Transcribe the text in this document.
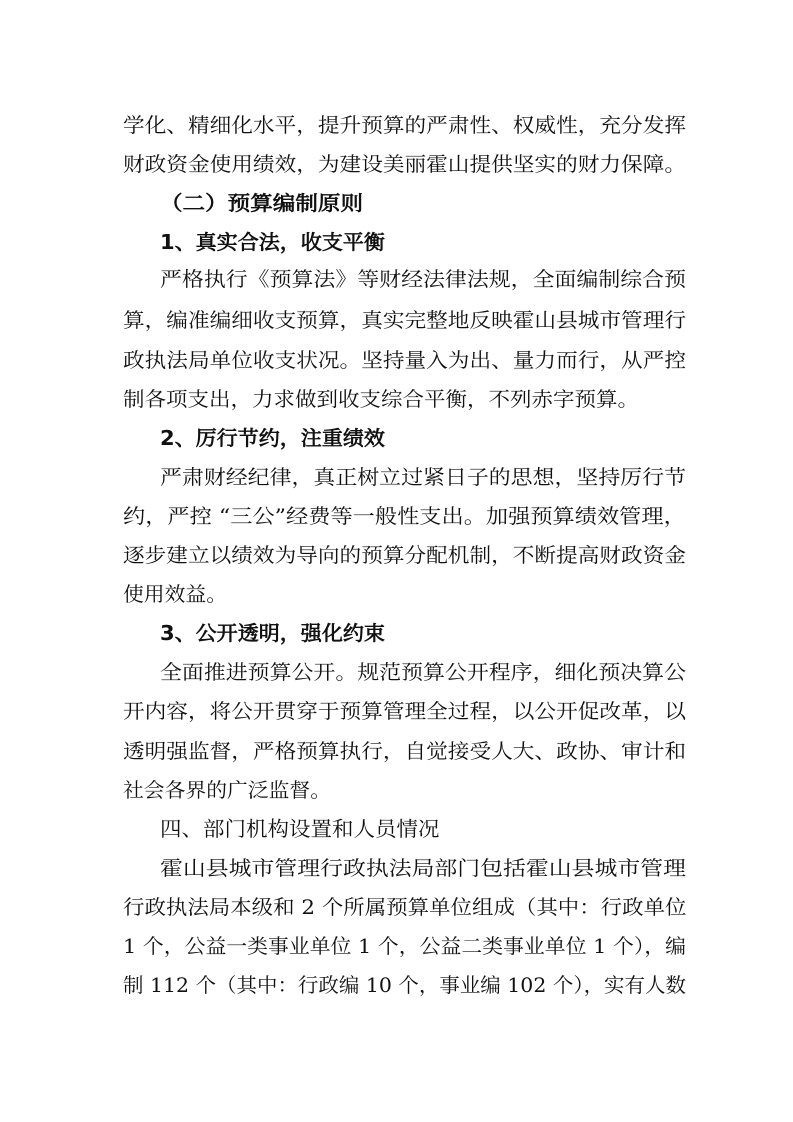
学化、精细化水平，提升预算的严肃性、权威性，充分发挥
财政资金使用绩效，为建设美丽霍山提供坚实的财力保障。
（二）预算编制原则
1、真实合法，收支平衡
严格执行《预算法》等财经法律法规，全面编制综合预
算，编准编细收支预算，真实完整地反映霍山县城市管理行
政执法局单位收支状况。坚持量入为出、量力而行，从严控
制各项支出，力求做到收支综合平衡，不列赤字预算。
2、厉行节约，注重绩效
严肃财经纪律，真正树立过紧日子的思想，坚持厉行节
约，严控 “三公”经费等一般性支出。加强预算绩效管理，
逐步建立以绩效为导向的预算分配机制，不断提高财政资金
使用效益。
3、公开透明，强化约束
全面推进预算公开。规范预算公开程序，细化预决算公
开内容，将公开贯穿于预算管理全过程，以公开促改革，以
透明强监督，严格预算执行，自觉接受人大、政协、审计和
社会各界的广泛监督。
四、部门机构设置和人员情况
霍山县城市管理行政执法局部门包括霍山县城市管理
行政执法局本级和 2 个所属预算单位组成（其中：行政单位
1 个，公益一类事业单位 1 个，公益二类事业单位 1 个），编
制 112 个（其中：行政编 10 个，事业编 102 个），实有人数
